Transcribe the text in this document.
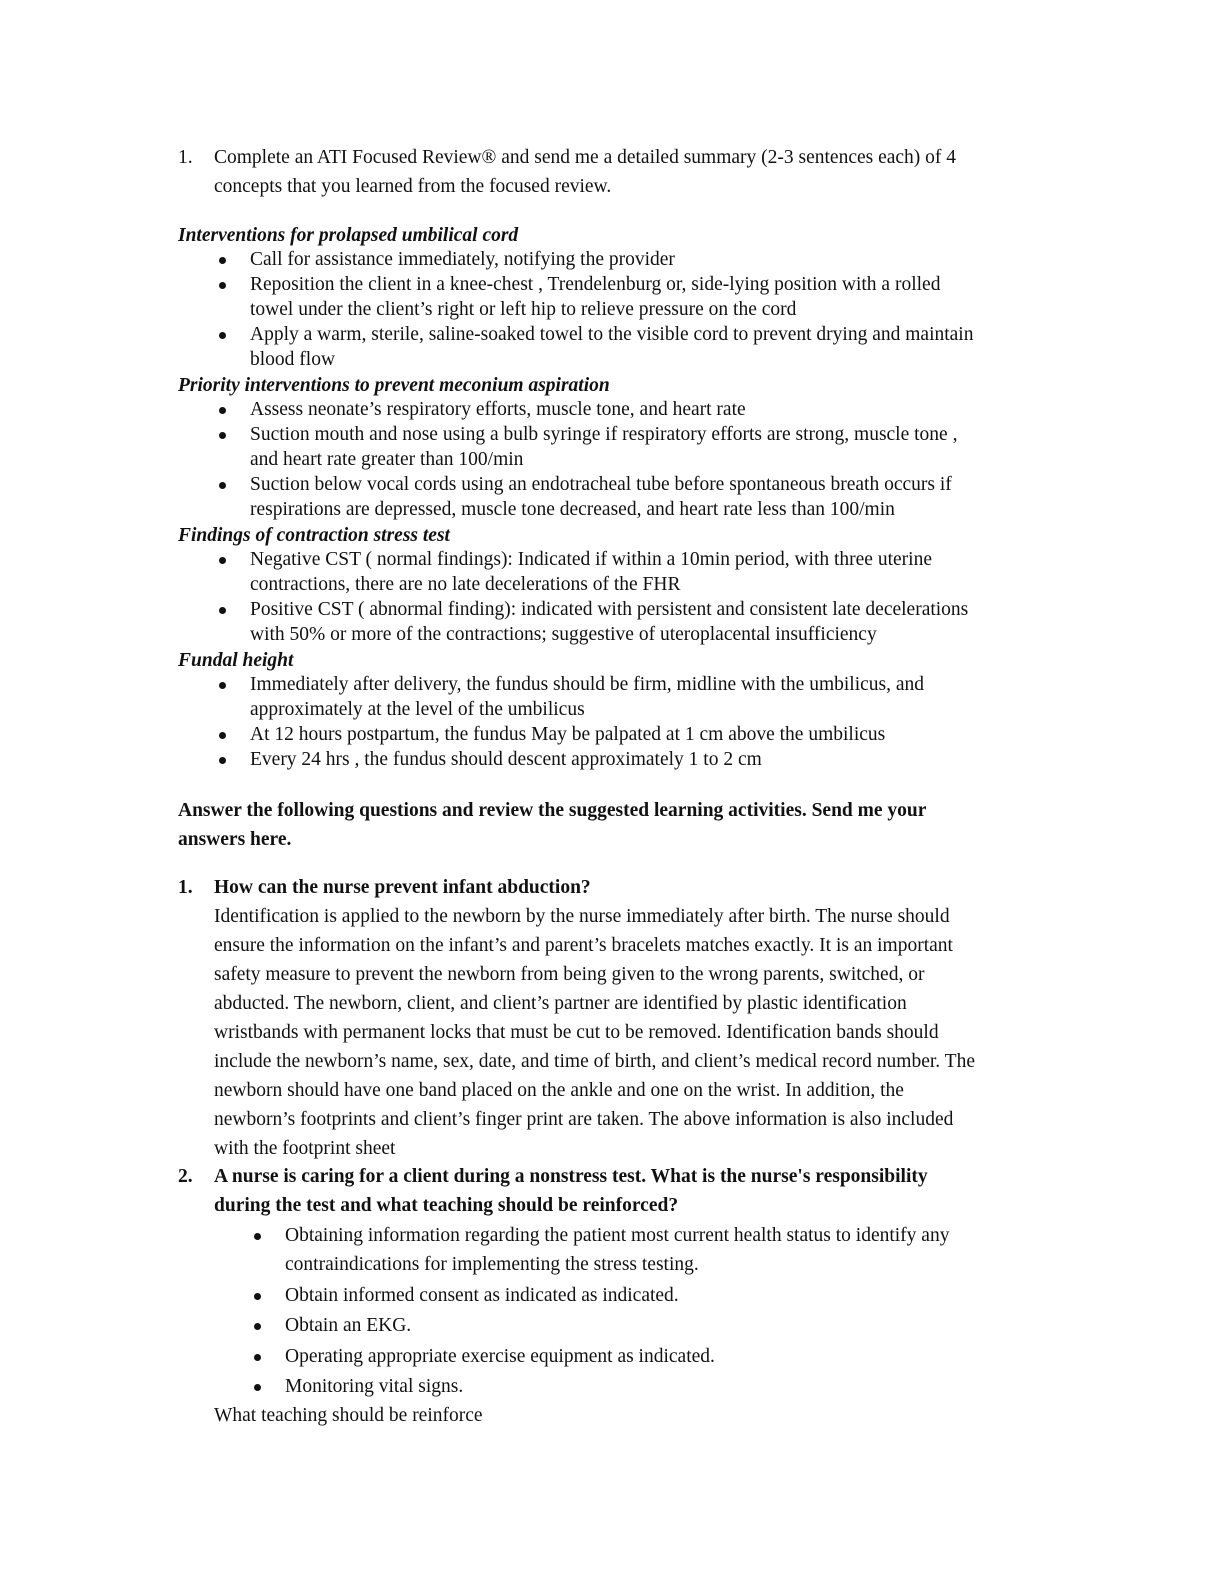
1. Complete an ATI Focused Review® and send me a detailed summary (2-3 sentences each) of 4
concepts that you learned from the focused review.
Interventions for prolapsed umbilical cord
Call for assistance immediately, notifying the provider
Reposition the client in a knee-chest , Trendelenburg or, side-lying position with a rolled
towel under the client’s right or left hip to relieve pressure on the cord
Apply a warm, sterile, saline-soaked towel to the visible cord to prevent drying and maintain
blood flow
Priority interventions to prevent meconium aspiration
Assess neonate’s respiratory efforts, muscle tone, and heart rate
Suction mouth and nose using a bulb syringe if respiratory efforts are strong, muscle tone ,
and heart rate greater than 100/min
Suction below vocal cords using an endotracheal tube before spontaneous breath occurs if
respirations are depressed, muscle tone decreased, and heart rate less than 100/min
Findings of contraction stress test
Negative CST ( normal findings): Indicated if within a 10min period, with three uterine
contractions, there are no late decelerations of the FHR
Positive CST ( abnormal finding): indicated with persistent and consistent late decelerations
with 50% or more of the contractions; suggestive of uteroplacental insufficiency
Fundal height
Immediately after delivery, the fundus should be firm, midline with the umbilicus, and
approximately at the level of the umbilicus
At 12 hours postpartum, the fundus May be palpated at 1 cm above the umbilicus
Every 24 hrs , the fundus should descent approximately 1 to 2 cm
Answer the following questions and review the suggested learning activities. Send me your
answers here.
1. How can the nurse prevent infant abduction?
Identification is applied to the newborn by the nurse immediately after birth. The nurse should
ensure the information on the infant’s and parent’s bracelets matches exactly. It is an important
safety measure to prevent the newborn from being given to the wrong parents, switched, or
abducted. The newborn, client, and client’s partner are identified by plastic identification
wristbands with permanent locks that must be cut to be removed. Identification bands should
include the newborn’s name, sex, date, and time of birth, and client’s medical record number. The
newborn should have one band placed on the ankle and one on the wrist. In addition, the
newborn’s footprints and client’s finger print are taken. The above information is also included
with the footprint sheet
2. A nurse is caring for a client during a nonstress test. What is the nurse's responsibility
during the test and what teaching should be reinforced?
Obtaining information regarding the patient most current health status to identify any
contraindications for implementing the stress testing.
Obtain informed consent as indicated as indicated.
Obtain an EKG.
Operating appropriate exercise equipment as indicated.
Monitoring vital signs.
What teaching should be reinforce
